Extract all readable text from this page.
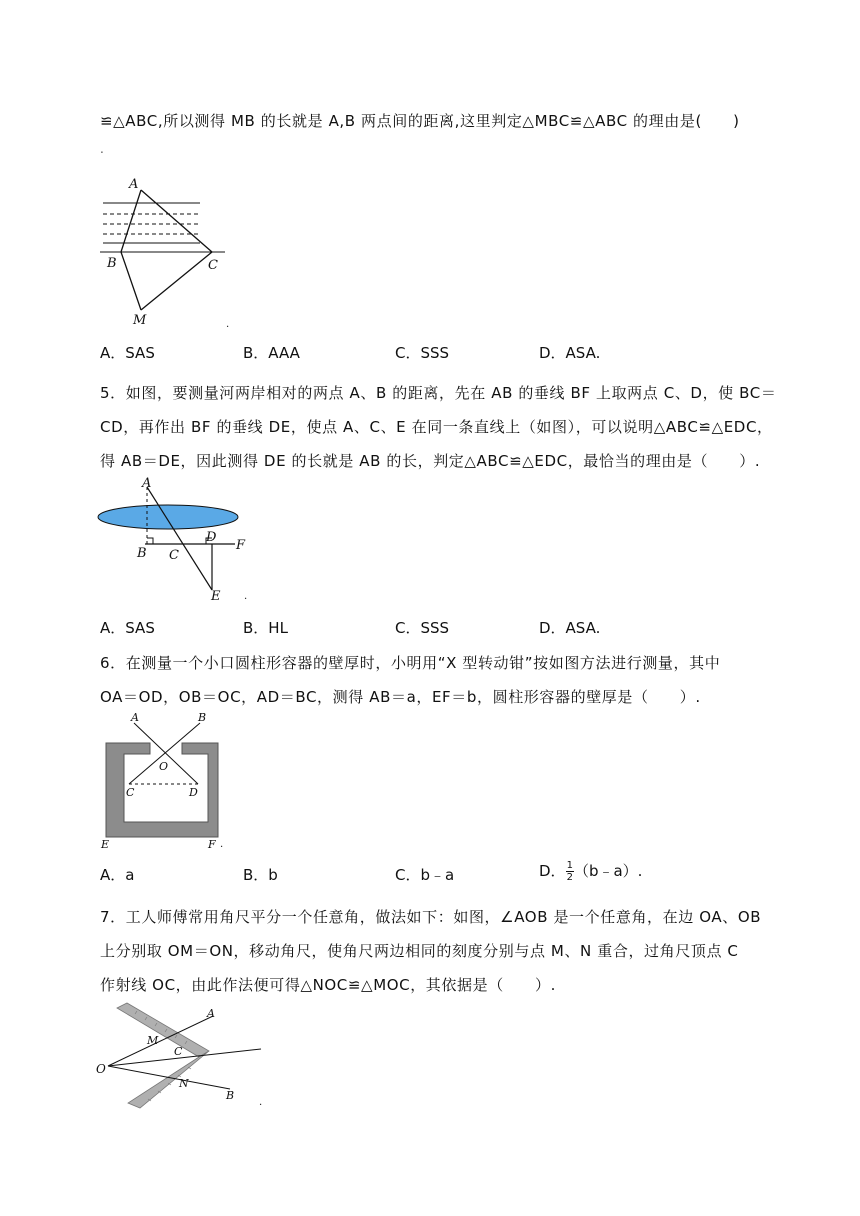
≌△ABC,所以测得 MB 的长就是 A,B 两点间的距离,这里判定△MBC≌△ABC 的理由是(　　)
.
A
B	C
M	.
A．SAS	B．AAA	C．SSS	D．ASA.
5．如图，要测量河两岸相对的两点 A、B 的距离，先在 AB 的垂线 BF 上取两点 C、D，使 BC＝
CD，再作出 BF 的垂线 DE，使点 A、C、E 在同一条直线上（如图），可以说明△ABC≌△EDC，
得 AB＝DE，因此测得 DE 的长就是 AB 的长，判定△ABC≌△EDC，最恰当的理由是（　　）.
A
B C
D
E
F
.
A．SAS	B．HL	C．SSS	D．ASA.
6．在测量一个小口圆柱形容器的壁厚时，小明用“X 型转动钳”按如图方法进行测量，其中
OA＝OD，OB＝OC，AD＝BC，测得 AB＝a，EF＝b，圆柱形容器的壁厚是（　　）.
A	B
O
C	D
E	F .
A．a	B．b	C．b﹣a	D． $\frac{1}{2}$ （b﹣a）.
7．工人师傅常用角尺平分一个任意角，做法如下：如图，∠AOB 是一个任意角，在边 OA、OB
上分别取 OM＝ON，移动角尺，使角尺两边相同的刻度分别与点 M、N 重合，过角尺顶点 C
作射线 OC，由此作法便可得△NOC≌△MOC，其依据是（　　）.
A
M
C
O
N
B
.
